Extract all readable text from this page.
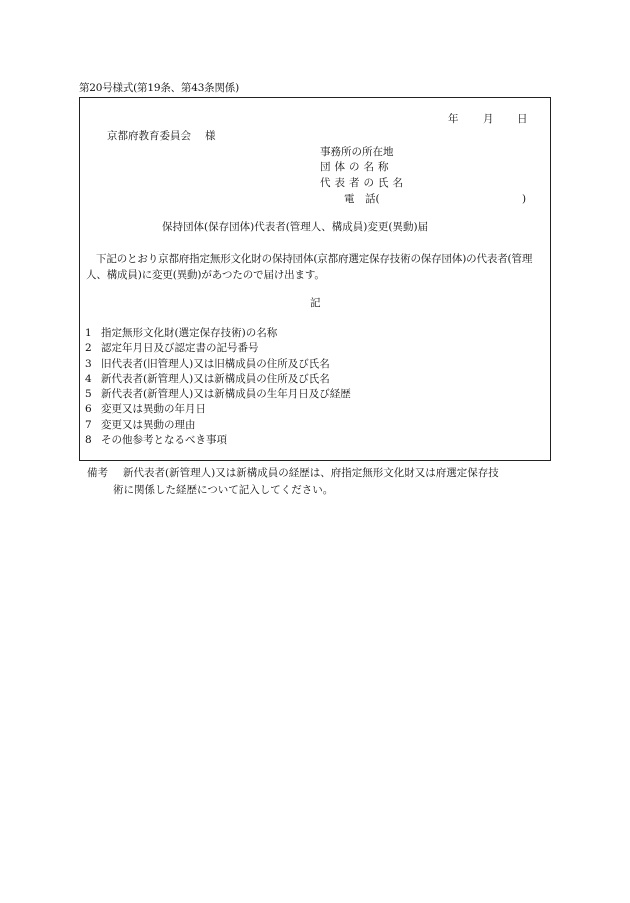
第20号様式(第19条、第43条関係)
年 月 日
京都府教育委員会 様
事務所の所在地
団体の名称
代表者の氏名
電　話(	)
保持団体(保存団体)代表者(管理人、構成員)変更(異動)届
下記のとおり京都府指定無形文化財の保持団体(京都府選定保存技術の保存団体)の代表者(管理人、構成員)に変更(異動)があつたので届け出ます。
記
1 指定無形文化財(選定保存技術)の名称
2 認定年月日及び認定書の記号番号
3 旧代表者(旧管理人)又は旧構成員の住所及び氏名
4 新代表者(新管理人)又は新構成員の住所及び氏名
5 新代表者(新管理人)又は新構成員の生年月日及び経歴
6 変更又は異動の年月日
7 変更又は異動の理由
8 その他参考となるべき事項
備考 新代表者(新管理人)又は新構成員の経歴は、府指定無形文化財又は府選定保存技
術に関係した経歴について記入してください。
